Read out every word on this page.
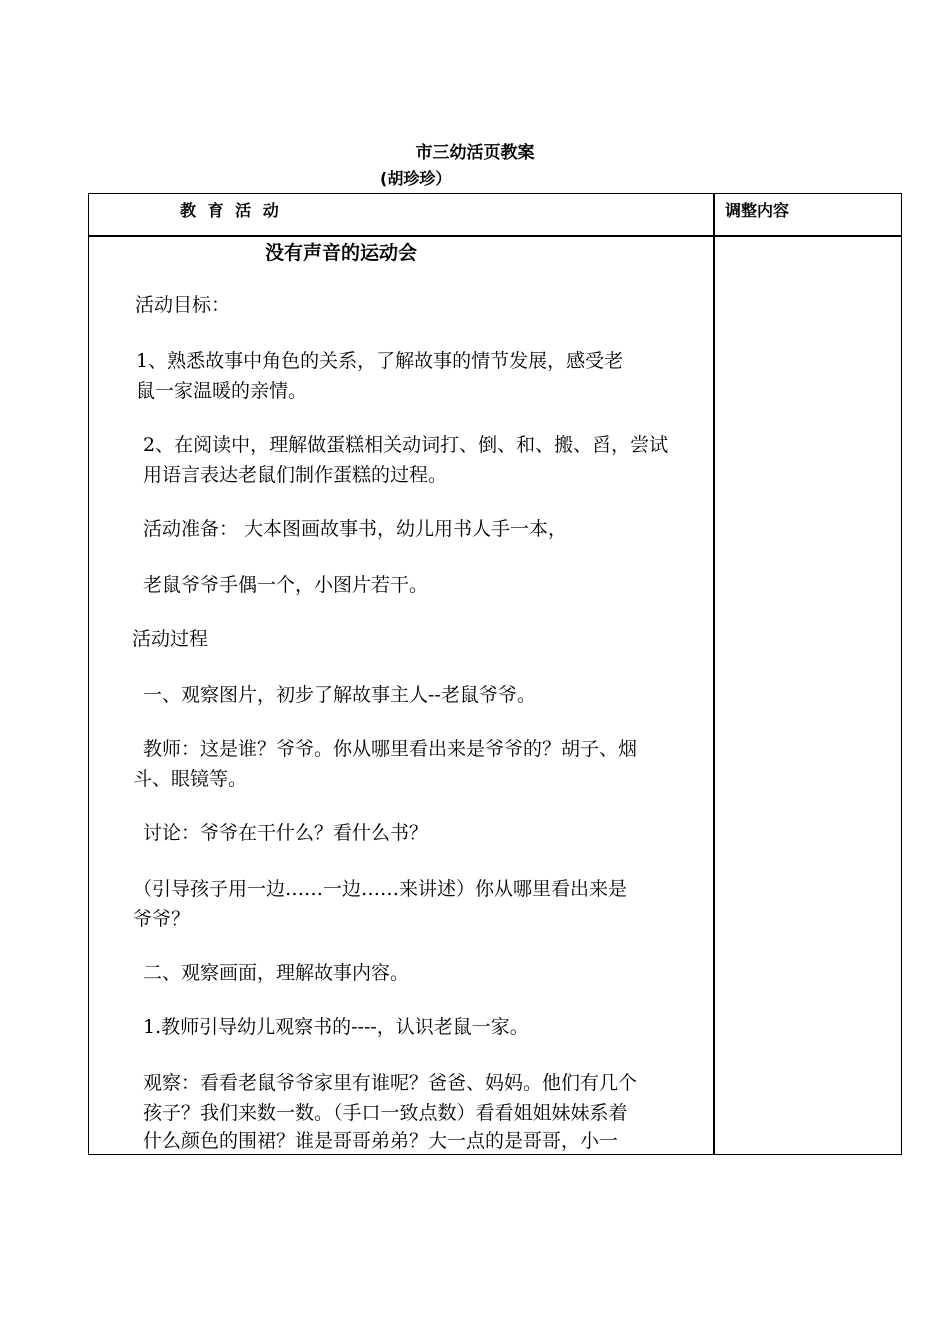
市三幼活页教案
(胡珍珍）
教 育 活 动	调整内容
没有声音的运动会
活动目标：
1、熟悉故事中角色的关系，了解故事的情节发展，感受老
鼠一家温暖的亲情。
2、在阅读中，理解做蛋糕相关动词打、倒、和、搬、舀，尝试
用语言表达老鼠们制作蛋糕的过程。
活动准备： 大本图画故事书，幼儿用书人手一本，
老鼠爷爷手偶一个，小图片若干。
活动过程
一、观察图片，初步了解故事主人--老鼠爷爷。
教师：这是谁？爷爷。你从哪里看出来是爷爷的？胡子、烟
斗、眼镜等。
讨论：爷爷在干什么？看什么书？
（引导孩子用一边……一边……来讲述）你从哪里看出来是
爷爷？
二、观察画面，理解故事内容。
1.教师引导幼儿观察书的----，认识老鼠一家。
观察：看看老鼠爷爷家里有谁呢？爸爸、妈妈。他们有几个
孩子？我们来数一数。（手口一致点数）看看姐姐妹妹系着
什么颜色的围裙？谁是哥哥弟弟？大一点的是哥哥，小一
